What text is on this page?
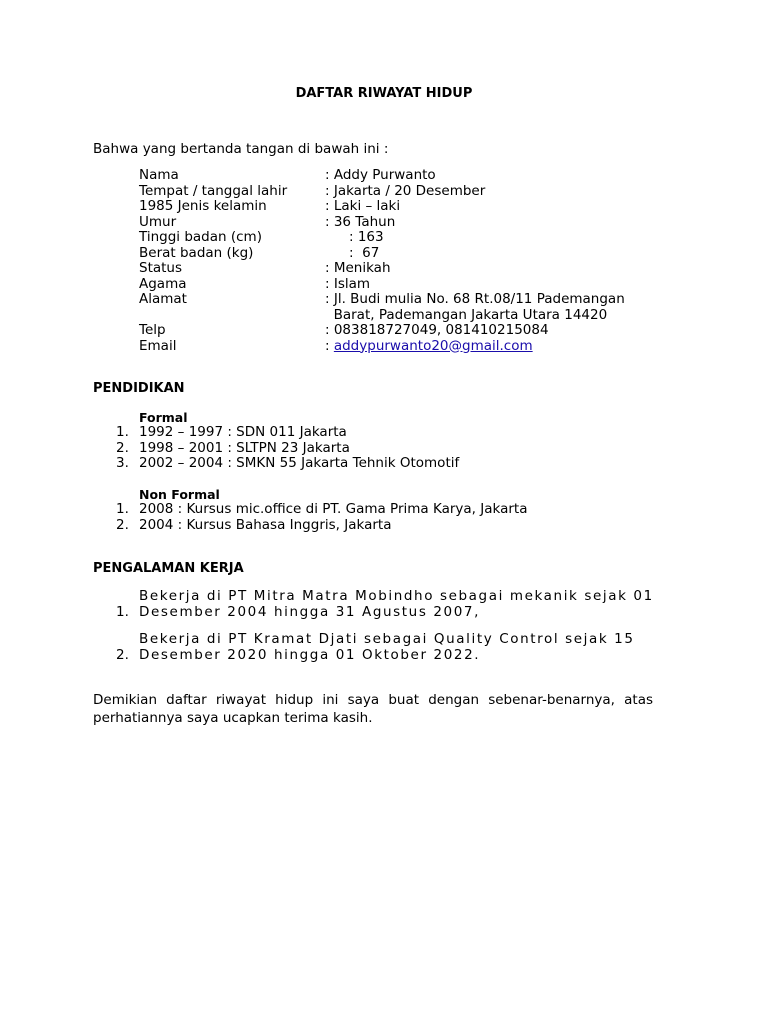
DAFTAR RIWAYAT HIDUP
Bahwa yang bertanda tangan di bawah ini :
Nama	: Addy Purwanto
Tempat / tanggal lahir	: Jakarta / 20 Desember
1985 Jenis kelamin	: Laki – laki
Umur	: 36 Tahun
Tinggi badan (cm)	: 163
Berat badan (kg)	:  67
Status	: Menikah
Agama	: Islam
Alamat	: Jl. Budi mulia No. 68 Rt.08/11 Pademangan
Barat, Pademangan Jakarta Utara 14420
Telp	: 083818727049, 081410215084
Email	: addypurwanto20@gmail.com
PENDIDIKAN
Formal
1. 1992 – 1997 : SDN 011 Jakarta
2. 1998 – 2001 : SLTPN 23 Jakarta
3. 2002 – 2004 : SMKN 55 Jakarta Tehnik Otomotif
Non Formal
1. 2008 : Kursus mic.office di PT. Gama Prima Karya, Jakarta
2. 2004 : Kursus Bahasa Inggris, Jakarta
PENGALAMAN KERJA

1.

Bekerja di PT Mitra Matra Mobindho sebagai mekanik sejak 01

Desember 2004 hingga 31 Agustus 2007,

2.

Bekerja di PT Kramat Djati sebagai Quality Control sejak 15

Desember 2020 hingga 01 Oktober 2022.

Demikian daftar riwayat hidup ini saya buat dengan sebenar-benarnya, atas perhatiannya saya ucapkan terima kasih.
